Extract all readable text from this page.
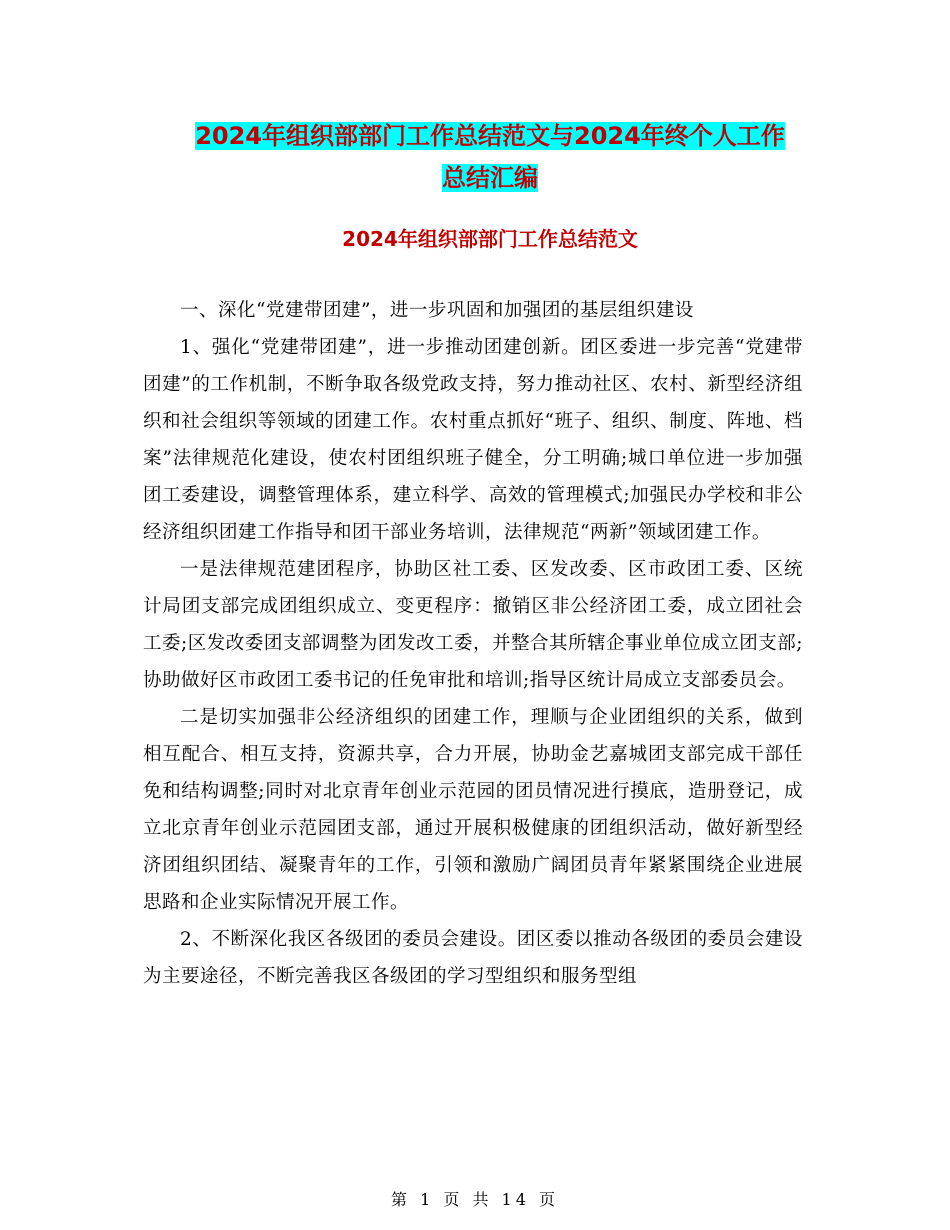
2024年组织部部门工作总结范文与2024年终个人工作
总结汇编
2024年组织部部门工作总结范文

一、深化“党建带团建”，进一步巩固和加强团的基层组织建设

1、强化“党建带团建”，进一步推动团建创新。团区委进一步完善“党建带团建”的工作机制，不断争取各级党政支持，努力推动社区、农村、新型经济组织和社会组织等领域的团建工作。农村重点抓好“班子、组织、制度、阵地、档案”法律规范化建设，使农村团组织班子健全，分工明确;城口单位进一步加强团工委建设，调整管理体系，建立科学、高效的管理模式;加强民办学校和非公经济组织团建工作指导和团干部业务培训，法律规范“两新”领域团建工作。

一是法律规范建团程序，协助区社工委、区发改委、区市政团工委、区统计局团支部完成团组织成立、变更程序：撤销区非公经济团工委，成立团社会工委;区发改委团支部调整为团发改工委，并整合其所辖企事业单位成立团支部;协助做好区市政团工委书记的任免审批和培训;指导区统计局成立支部委员会。

二是切实加强非公经济组织的团建工作，理顺与企业团组织的关系，做到相互配合、相互支持，资源共享，合力开展，协助金艺嘉城团支部完成干部任免和结构调整;同时对北京青年创业示范园的团员情况进行摸底，造册登记，成立北京青年创业示范园团支部，通过开展积极健康的团组织活动，做好新型经济团组织团结、凝聚青年的工作，引领和激励广阔团员青年紧紧围绕企业进展思路和企业实际情况开展工作。

2、不断深化我区各级团的委员会建设。团区委以推动各级团的委员会建设为主要途径，不断完善我区各级团的学习型组织和服务型组

第 1 页 共 14 页
